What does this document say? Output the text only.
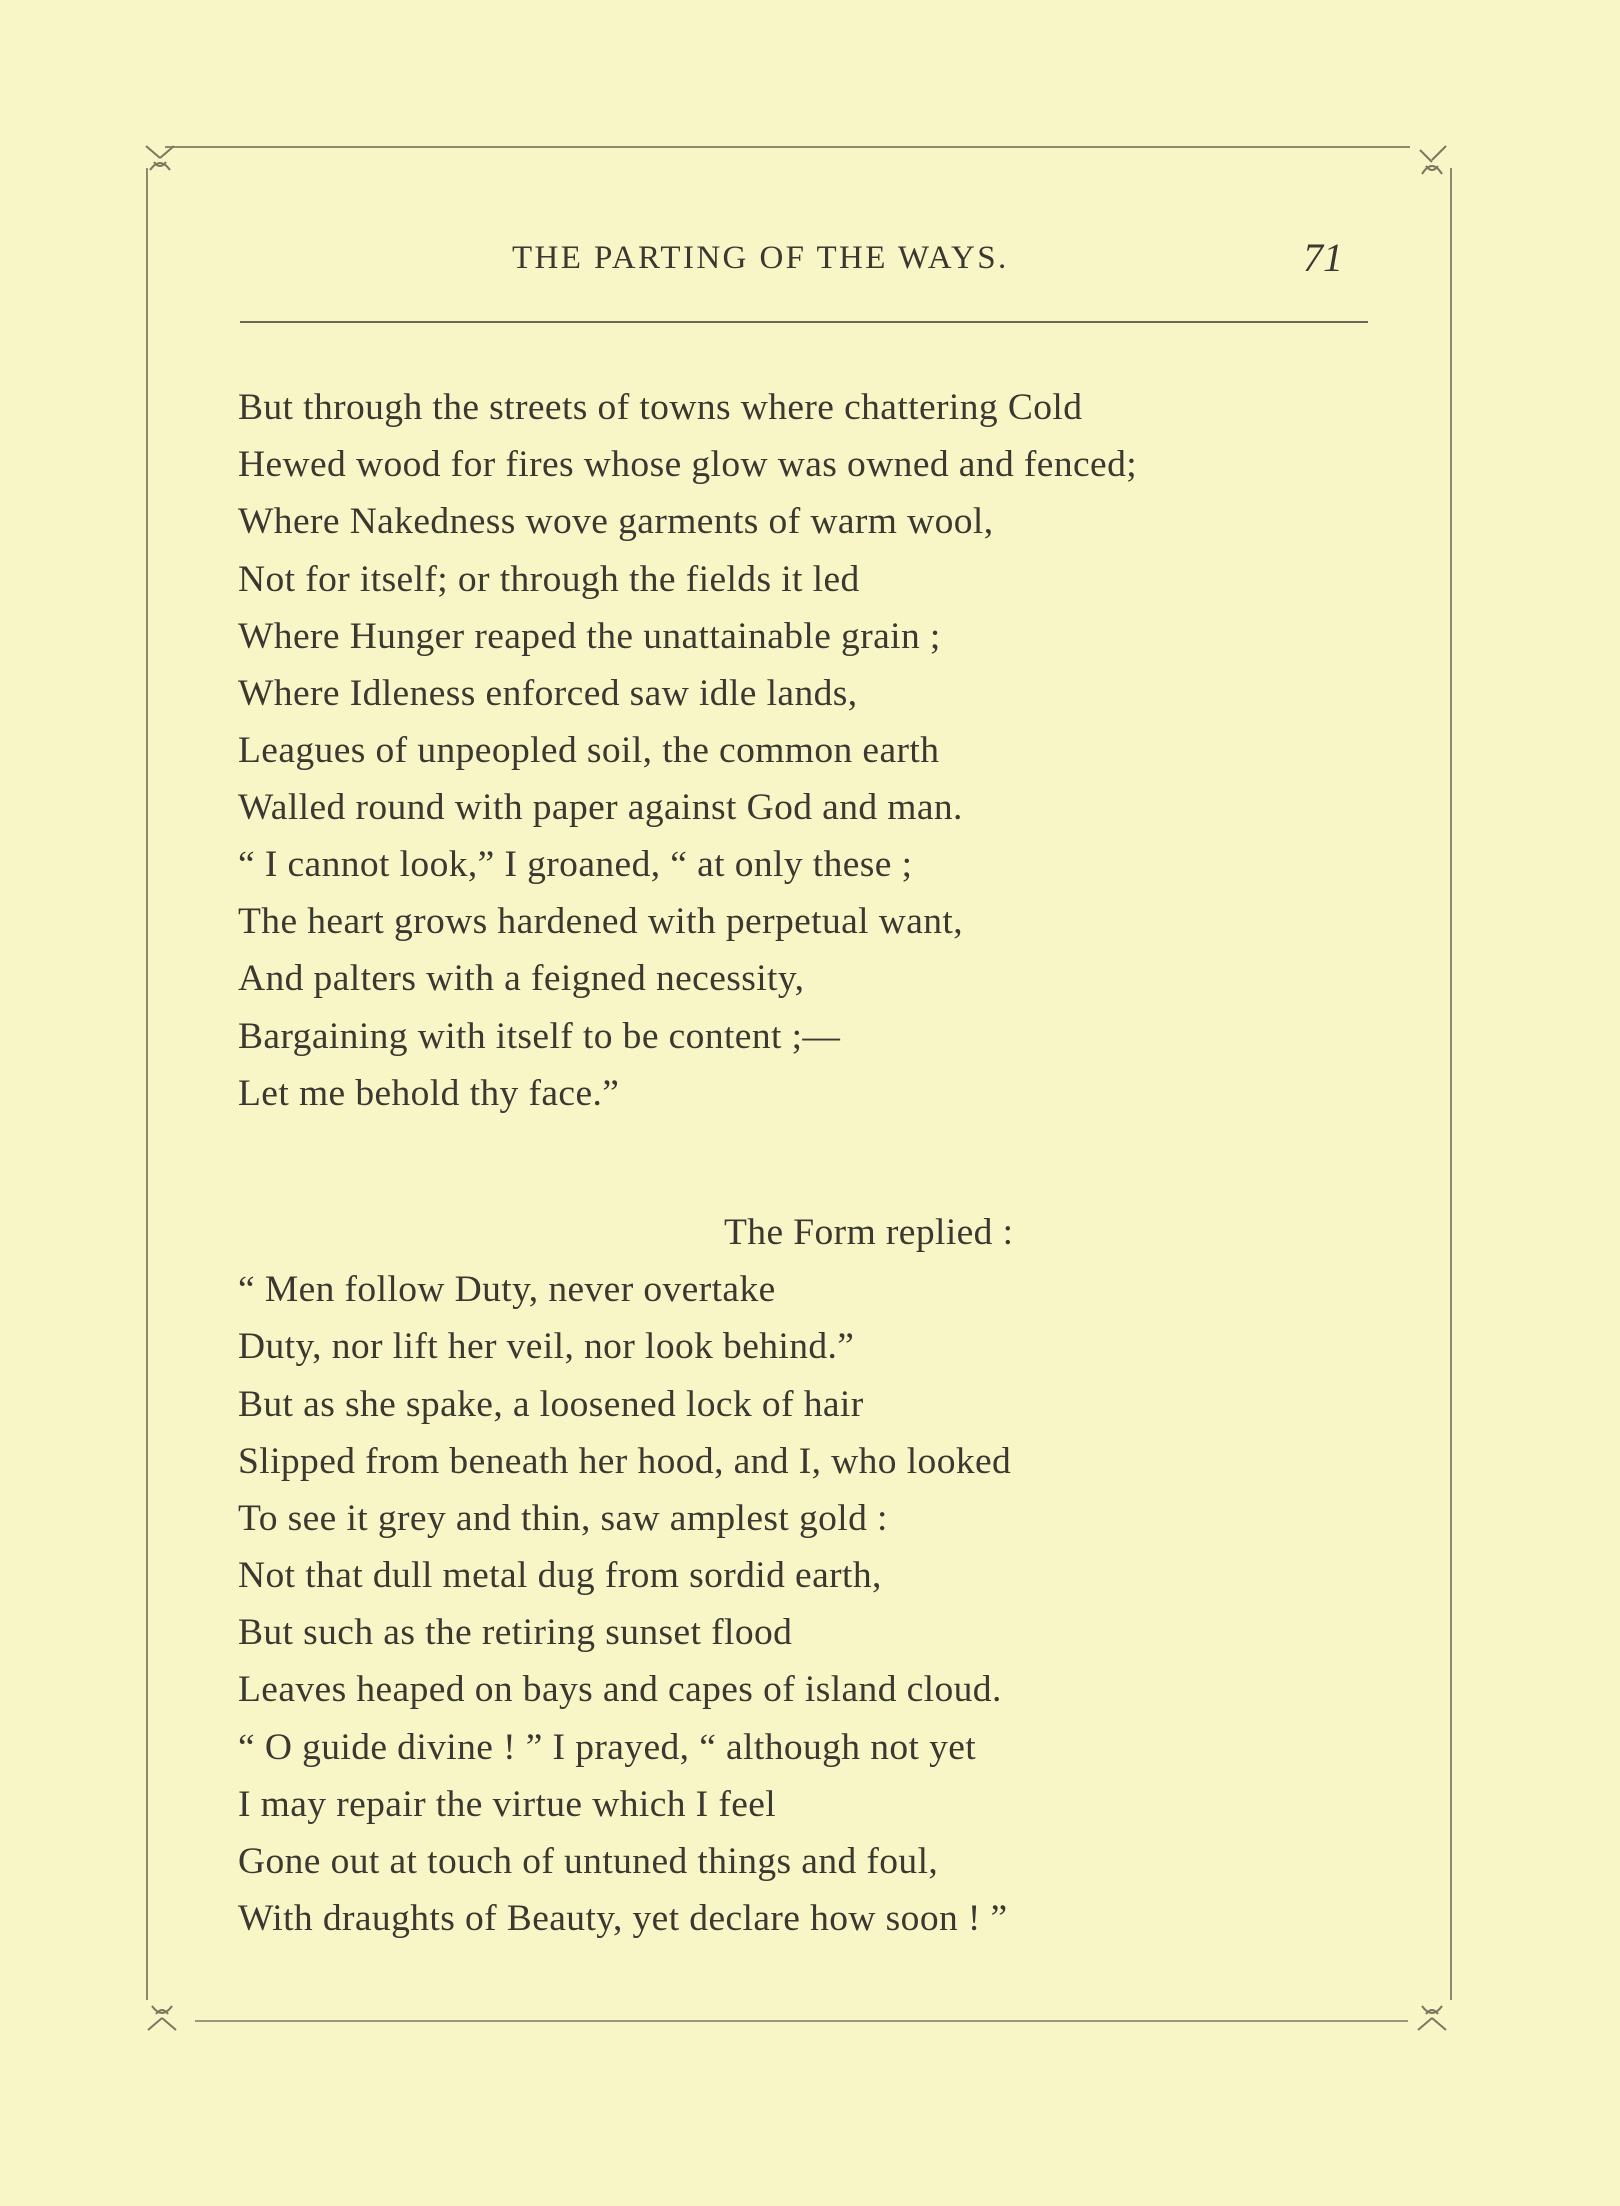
THE PARTING OF THE WAYS.	71
But through the streets of towns where chattering Cold
Hewed wood for fires whose glow was owned and fenced;
Where Nakedness wove garments of warm wool,
Not for itself; or through the fields it led
Where Hunger reaped the unattainable grain ;
Where Idleness enforced saw idle lands,
Leagues of unpeopled soil, the common earth
Walled round with paper against God and man.
“ I cannot look,” I groaned, “ at only these ;
The heart grows hardened with perpetual want,
And palters with a feigned necessity,
Bargaining with itself to be content ;—
Let me behold thy face.”
The Form replied :
“ Men follow Duty, never overtake
Duty, nor lift her veil, nor look behind.”
But as she spake, a loosened lock of hair
Slipped from beneath her hood, and I, who looked
To see it grey and thin, saw amplest gold :
Not that dull metal dug from sordid earth,
But such as the retiring sunset flood
Leaves heaped on bays and capes of island cloud.
“ O guide divine ! ” I prayed, “ although not yet
I may repair the virtue which I feel
Gone out at touch of untuned things and foul,
With draughts of Beauty, yet declare how soon ! ”
